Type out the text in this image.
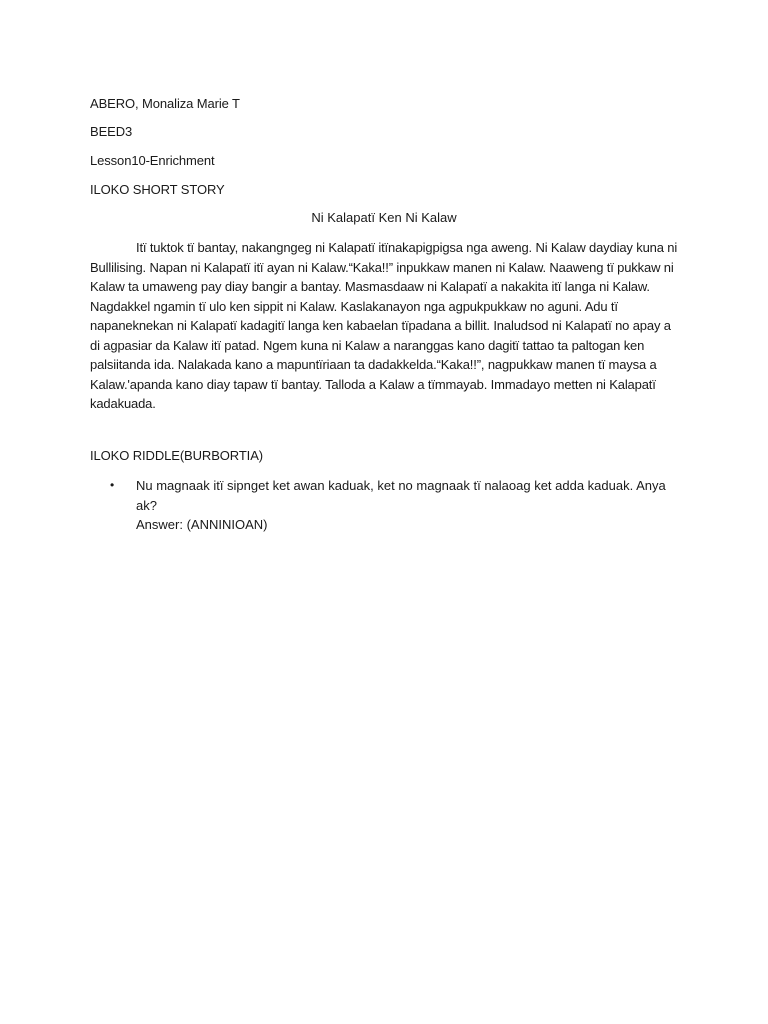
ABERO, Monaliza Marie T
BEED3
Lesson10-Enrichment
ILOKO SHORT STORY
Ni Kalapatï Ken Ni Kalaw

Itï tuktok tï bantay, nakangngeg ni Kalapatï itïnakapigpigsa nga aweng. Ni Kalaw daydiay kuna ni Bullilising. Napan ni Kalapatï itï ayan ni Kalaw.“Kaka!!” inpukkaw manen ni Kalaw. Naaweng tï pukkaw ni Kalaw ta umaweng pay diay bangir a bantay. Masmasdaaw ni Kalapatï a nakakita itï langa ni Kalaw. Nagdakkel ngamin tï ulo ken sippit ni Kalaw. Kaslakanayon nga agpukpukkaw no aguni. Adu tï napaneknekan ni Kalapatï kadagitï langa ken kabaelan tïpadana a billit. Inaludsod ni Kalapatï no apay a di agpasiar da Kalaw itï patad. Ngem kuna ni Kalaw a naranggas kano dagitï tattao ta paltogan ken palsiitanda ida. Nalakada kano a mapuntïriaan ta dadakkelda.“Kaka!!”, nagpukkaw manen tï maysa a Kalaw.'apanda kano diay tapaw tï bantay. Talloda a Kalaw a tïmmayab. Immadayo metten ni Kalapatï kadakuada.

ILOKO RIDDLE(BURBORTIA)
• Nu magnaak itï sipnget ket awan kaduak, ket no magnaak tï nalaoag ket adda kaduak. Anya ak?
Answer: (ANNINIOAN)
